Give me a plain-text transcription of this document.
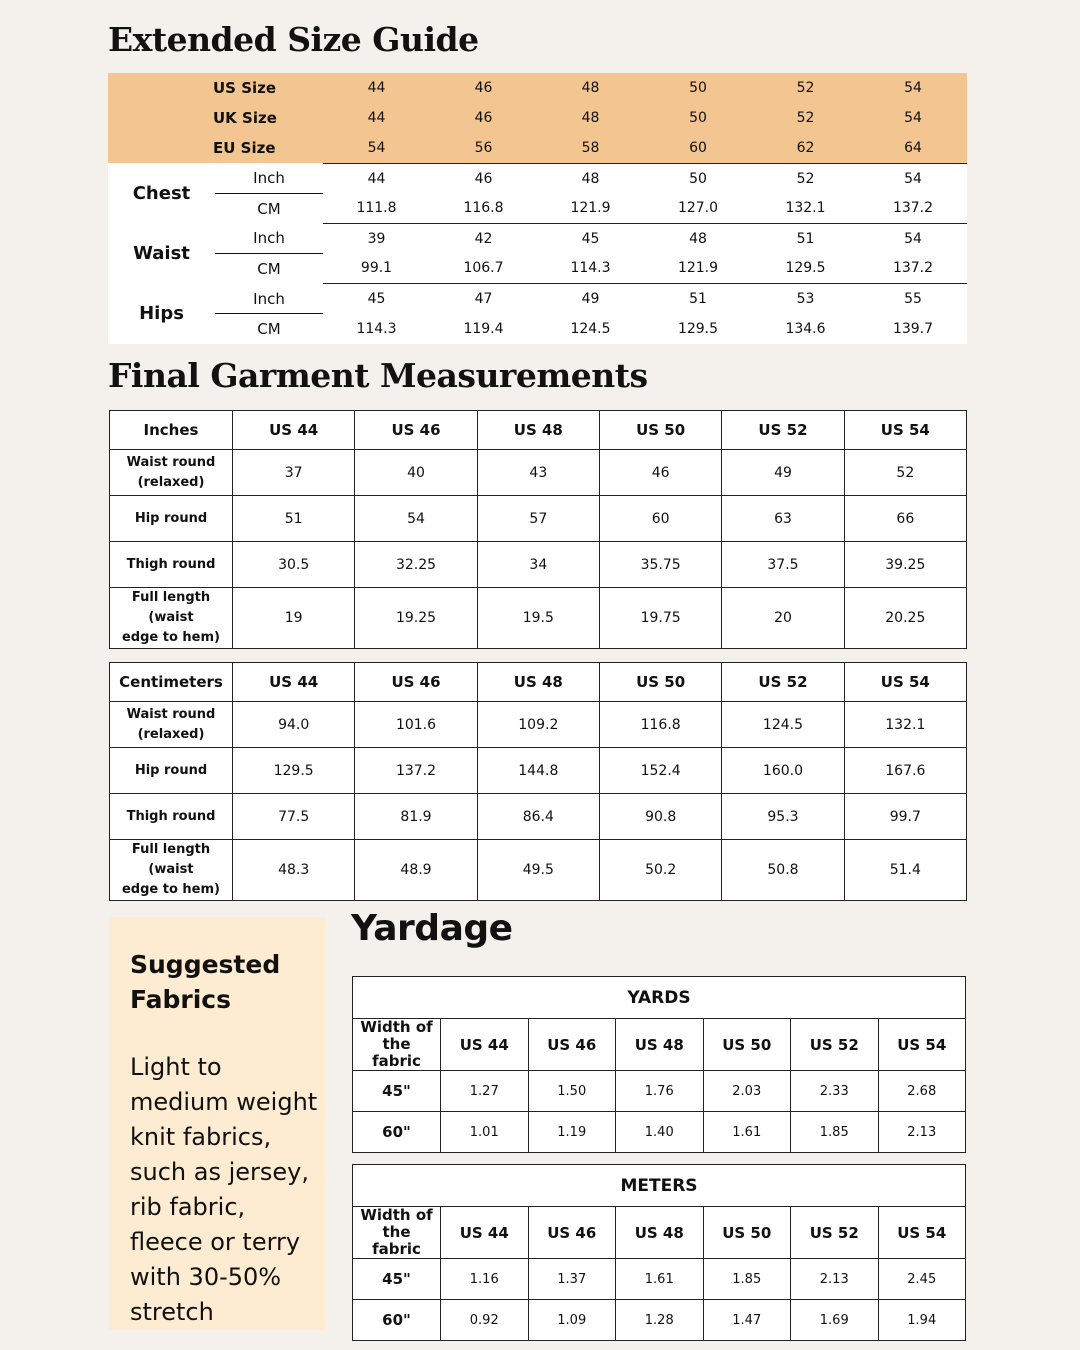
Extended Size Guide
US Size		44	46	48	50	52	54
UK Size		44	46	48	50	52	54
EU Size		54	56	58	60	62	64
Chest	Inch	44	46	48	50	52	54
	CM	111.8	116.8	121.9	127.0	132.1	137.2
Waist	Inch	39	42	45	48	51	54
	CM	99.1	106.7	114.3	121.9	129.5	137.2
Hips	Inch	45	47	49	51	53	55
	CM	114.3	119.4	124.5	129.5	134.6	139.7
Final Garment Measurements
Inches	US 44	US 46	US 48	US 50	US 52	US 54

Waist round
(relaxed)	37	40	43	46	49	52

Hip round	51	54	57	60	63	66

Thigh round	30.5	32.25	34	35.75	37.5	39.25

Full length (waist
edge to hem)	19	19.25	19.5	19.75	20	20.25
Centimeters	US 44	US 46	US 48	US 50	US 52	US 54

Waist round
(relaxed)	94.0	101.6	109.2	116.8	124.5	132.1

Hip round	129.5	137.2	144.8	152.4	160.0	167.6

Thigh round	77.5	81.9	86.4	90.8	95.3	99.7

Full length (waist
edge to hem)	48.3	48.9	49.5	50.2	50.8	51.4
Suggested
Fabrics
Light to medium weight knit fabrics, such as jersey, rib fabric, fleece or terry with 30-50% stretch
Yardage
YARDS						

Width of the
fabric	US 44	US 46	US 48	US 50	US 52	US 54
45"	1.27	1.50	1.76	2.03	2.33	2.68
60"	1.01	1.19	1.40	1.61	1.85	2.13
METERS						

Width of the
fabric	US 44	US 46	US 48	US 50	US 52	US 54
45"	1.16	1.37	1.61	1.85	2.13	2.45
60"	0.92	1.09	1.28	1.47	1.69	1.94
